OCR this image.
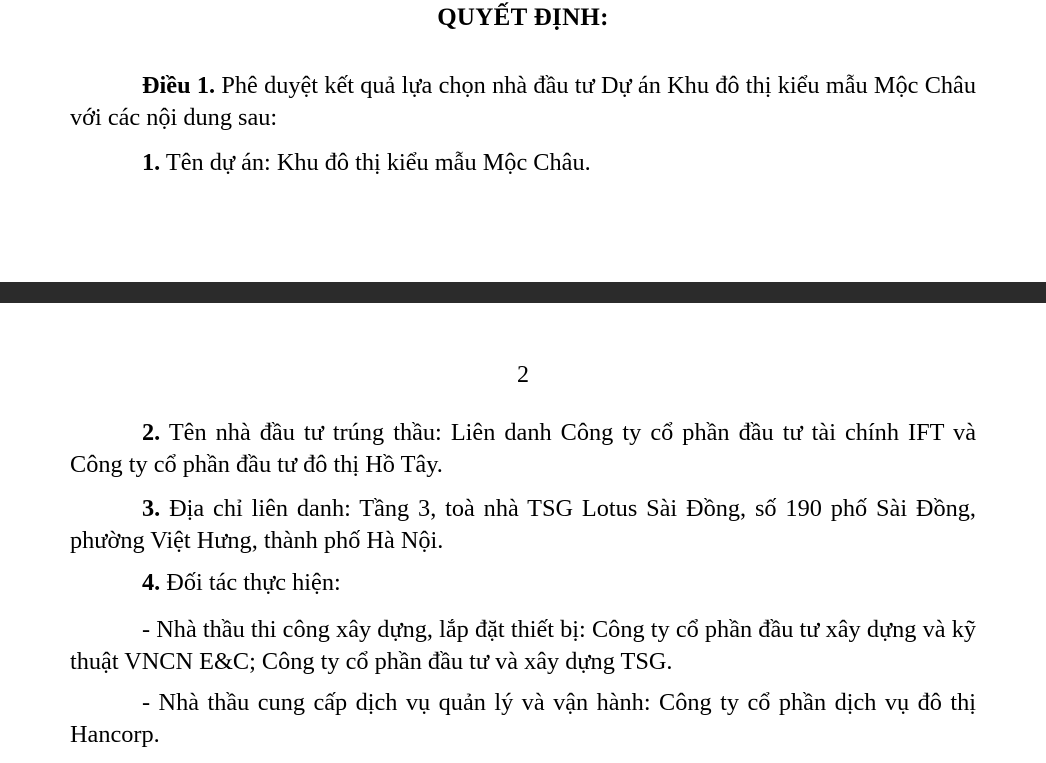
QUYẾT ĐỊNH:

Điều 1. Phê duyệt kết quả lựa chọn nhà đầu tư Dự án Khu đô thị kiểu mẫu Mộc Châu với các nội dung sau:

1. Tên dự án: Khu đô thị kiểu mẫu Mộc Châu.

2

2. Tên nhà đầu tư trúng thầu: Liên danh Công ty cổ phần đầu tư tài chính IFT và Công ty cổ phần đầu tư đô thị Hồ Tây.

3. Địa chỉ liên danh: Tầng 3, toà nhà TSG Lotus Sài Đồng, số 190 phố Sài Đồng, phường Việt Hưng, thành phố Hà Nội.

4. Đối tác thực hiện:

- Nhà thầu thi công xây dựng, lắp đặt thiết bị: Công ty cổ phần đầu tư xây dựng và kỹ thuật VNCN E&C; Công ty cổ phần đầu tư và xây dựng TSG.

- Nhà thầu cung cấp dịch vụ quản lý và vận hành: Công ty cổ phần dịch vụ đô thị Hancorp.
